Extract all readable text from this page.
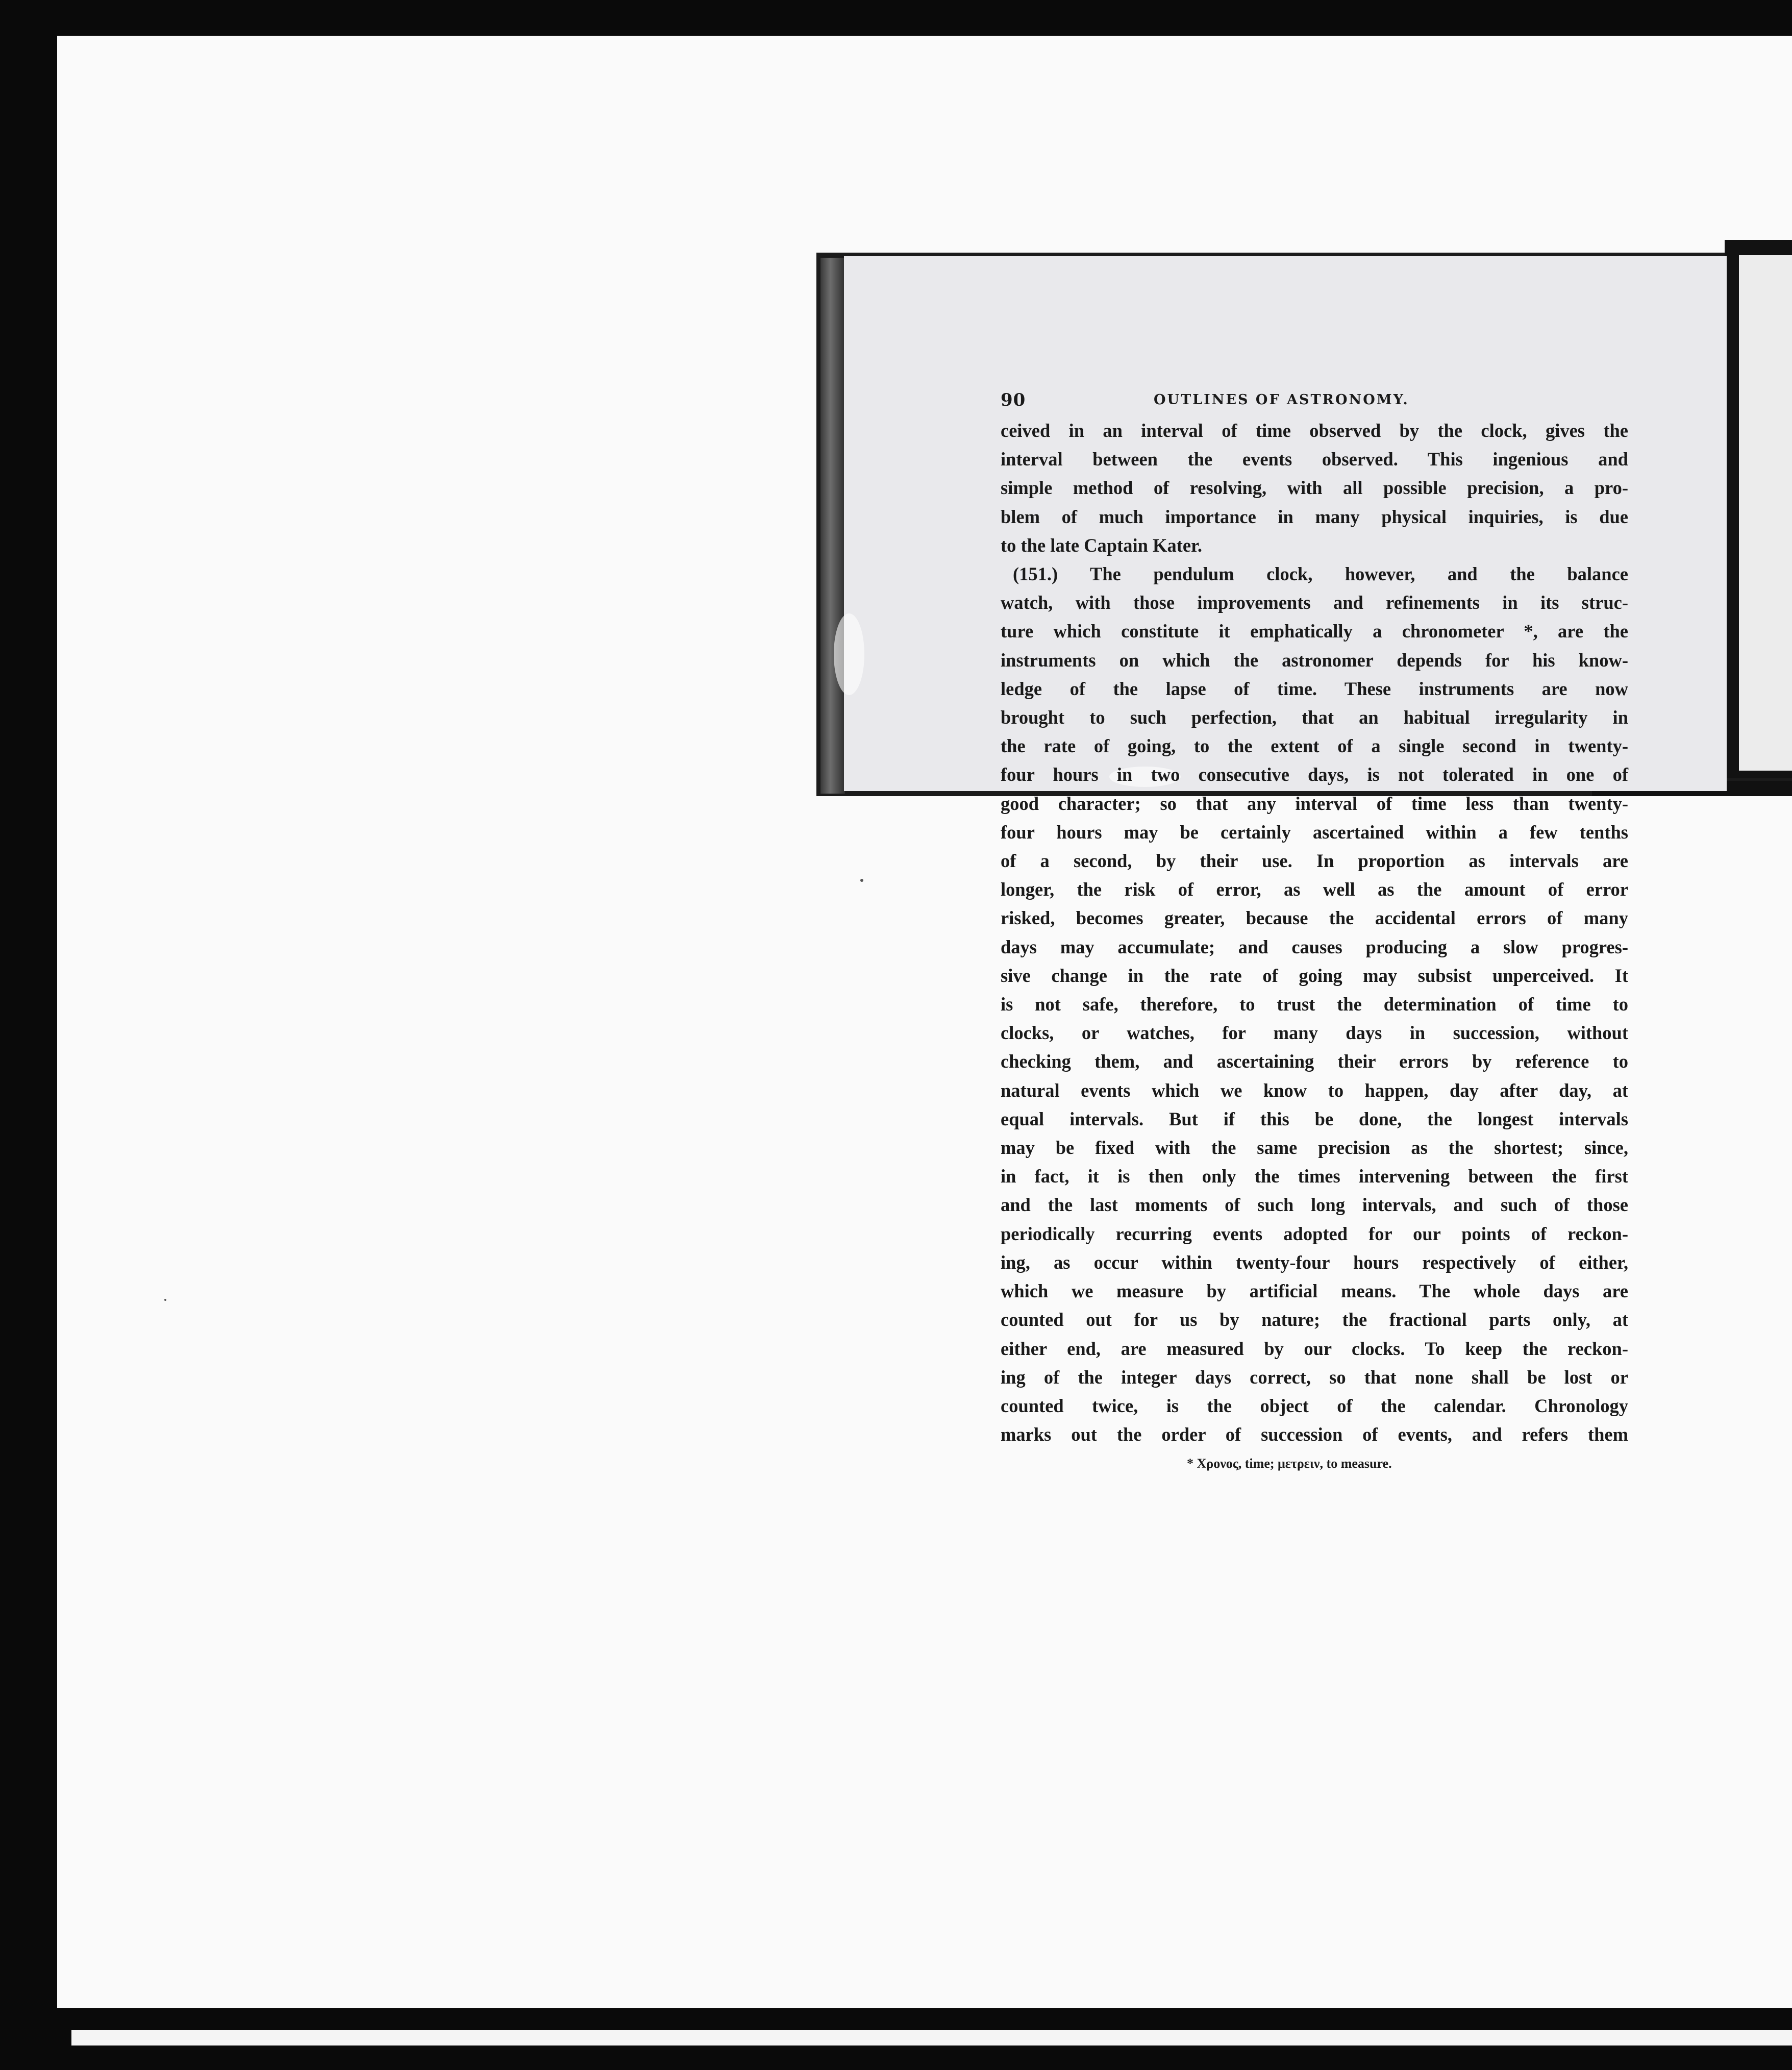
90	OUTLINES OF ASTRONOMY.
ceived in an interval of time observed by the clock, gives the
interval between the events observed. This ingenious and
simple method of resolving, with all possible precision, a pro-
blem of much importance in many physical inquiries, is due
to the late Captain Kater.
(151.) The pendulum clock, however, and the balance
watch, with those improvements and refinements in its struc-
ture which constitute it emphatically a chronometer *, are the
instruments on which the astronomer depends for his know-
ledge of the lapse of time. These instruments are now
brought to such perfection, that an habitual irregularity in
the rate of going, to the extent of a single second in twenty-
four hours in two consecutive days, is not tolerated in one of
good character; so that any interval of time less than twenty-
four hours may be certainly ascertained within a few tenths
of a second, by their use. In proportion as intervals are
longer, the risk of error, as well as the amount of error
risked, becomes greater, because the accidental errors of many
days may accumulate; and causes producing a slow progres-
sive change in the rate of going may subsist unperceived. It
is not safe, therefore, to trust the determination of time to
clocks, or watches, for many days in succession, without
checking them, and ascertaining their errors by reference to
natural events which we know to happen, day after day, at
equal intervals. But if this be done, the longest intervals
may be fixed with the same precision as the shortest; since,
in fact, it is then only the times intervening between the first
and the last moments of such long intervals, and such of those
periodically recurring events adopted for our points of reckon-
ing, as occur within twenty-four hours respectively of either,
which we measure by artificial means. The whole days are
counted out for us by nature; the fractional parts only, at
either end, are measured by our clocks. To keep the reckon-
ing of the integer days correct, so that none shall be lost or
counted twice, is the object of the calendar. Chronology
marks out the order of succession of events, and refers them
* Χρονος, time; μετρειν, to measure.
